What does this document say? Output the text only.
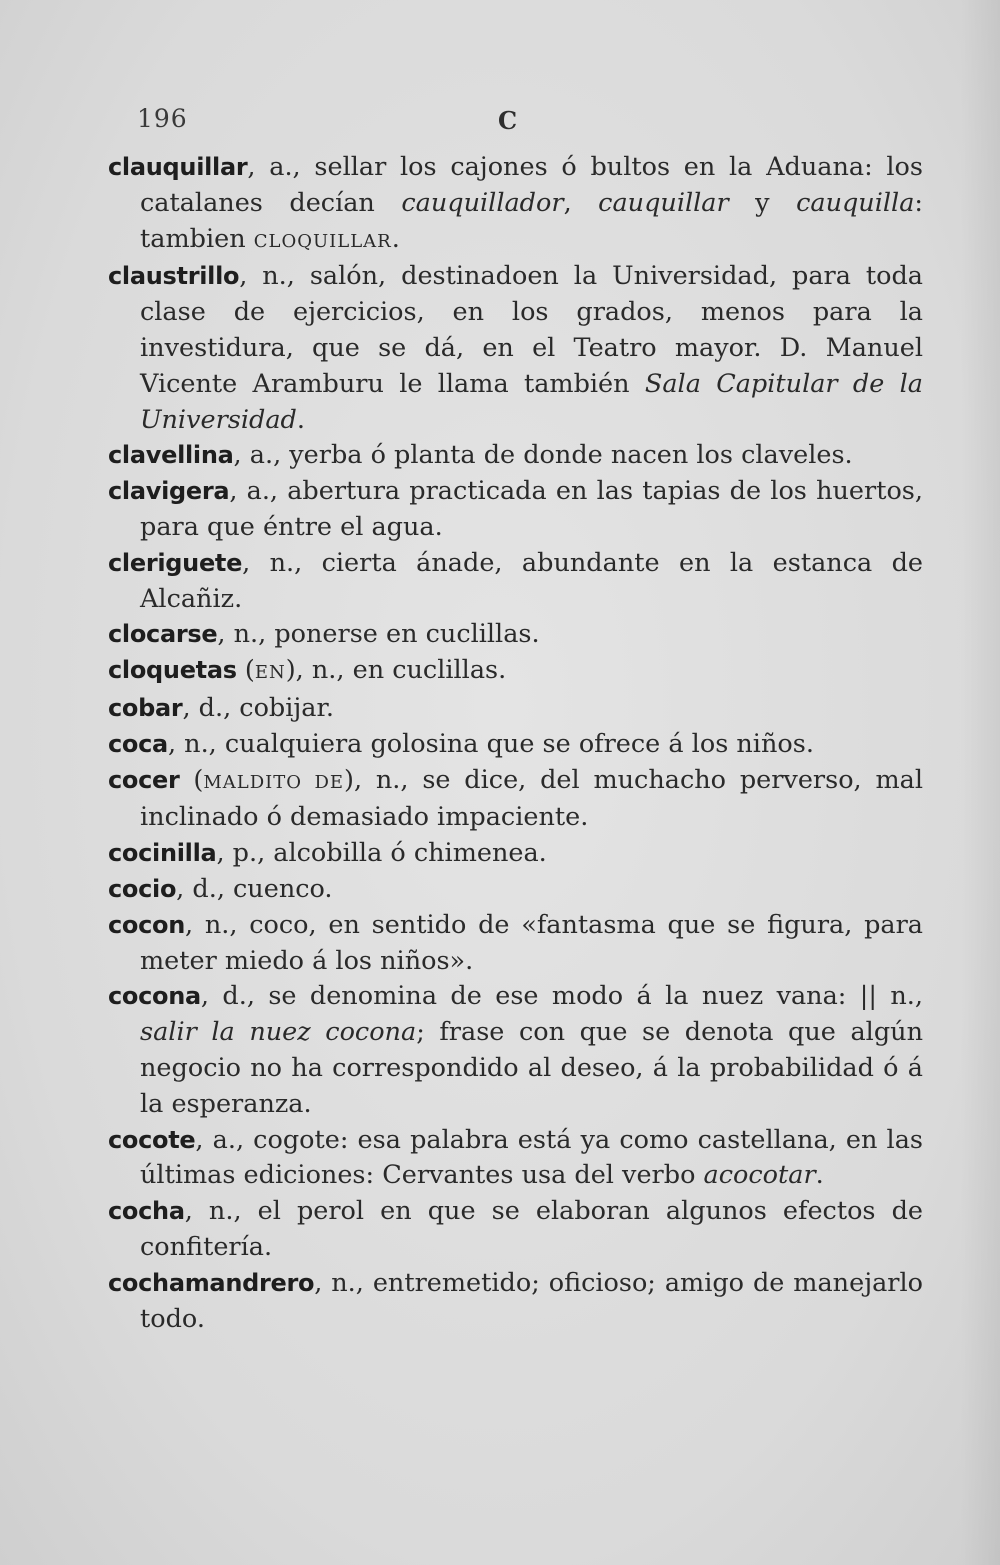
196	C

clauquillar, a., sellar los cajones ó bultos en la Aduana: los catalanes decían cauquillador, cauquillar y cauquilla: tambien CLOQUILLAR.

claustrillo, n., salón, destinadoen la Universidad, para toda clase de ejercicios, en los grados, menos para la investidura, que se dá, en el Teatro mayor. D. Manuel Vicente Aramburu le llama también Sala Capitular de la Universidad.

clavellina, a., yerba ó planta de donde nacen los claveles.

clavigera, a., abertura practicada en las tapias de los huertos, para que éntre el agua.

cleriguete, n., cierta ánade, abundante en la estanca de Alcañiz.

clocarse, n., ponerse en cuclillas.

cloquetas (EN), n., en cuclillas.

cobar, d., cobijar.

coca, n., cualquiera golosina que se ofrece á los niños.

cocer (MALDITO DE), n., se dice, del muchacho perverso, mal inclinado ó demasiado impaciente.

cocinilla, p., alcobilla ó chimenea.

cocio, d., cuenco.

cocon, n., coco, en sentido de «fantasma que se figura, para meter miedo á los niños».

cocona, d., se denomina de ese modo á la nuez vana: || n., salir la nuez cocona; frase con que se denota que algún negocio no ha correspondido al deseo, á la probabilidad ó á la esperanza.

cocote, a., cogote: esa palabra está ya como castellana, en las últimas ediciones: Cervantes usa del verbo acocotar.

cocha, n., el perol en que se elaboran algunos efectos de confitería.

cochamandrero, n., entremetido; oficioso; amigo de manejarlo todo.
